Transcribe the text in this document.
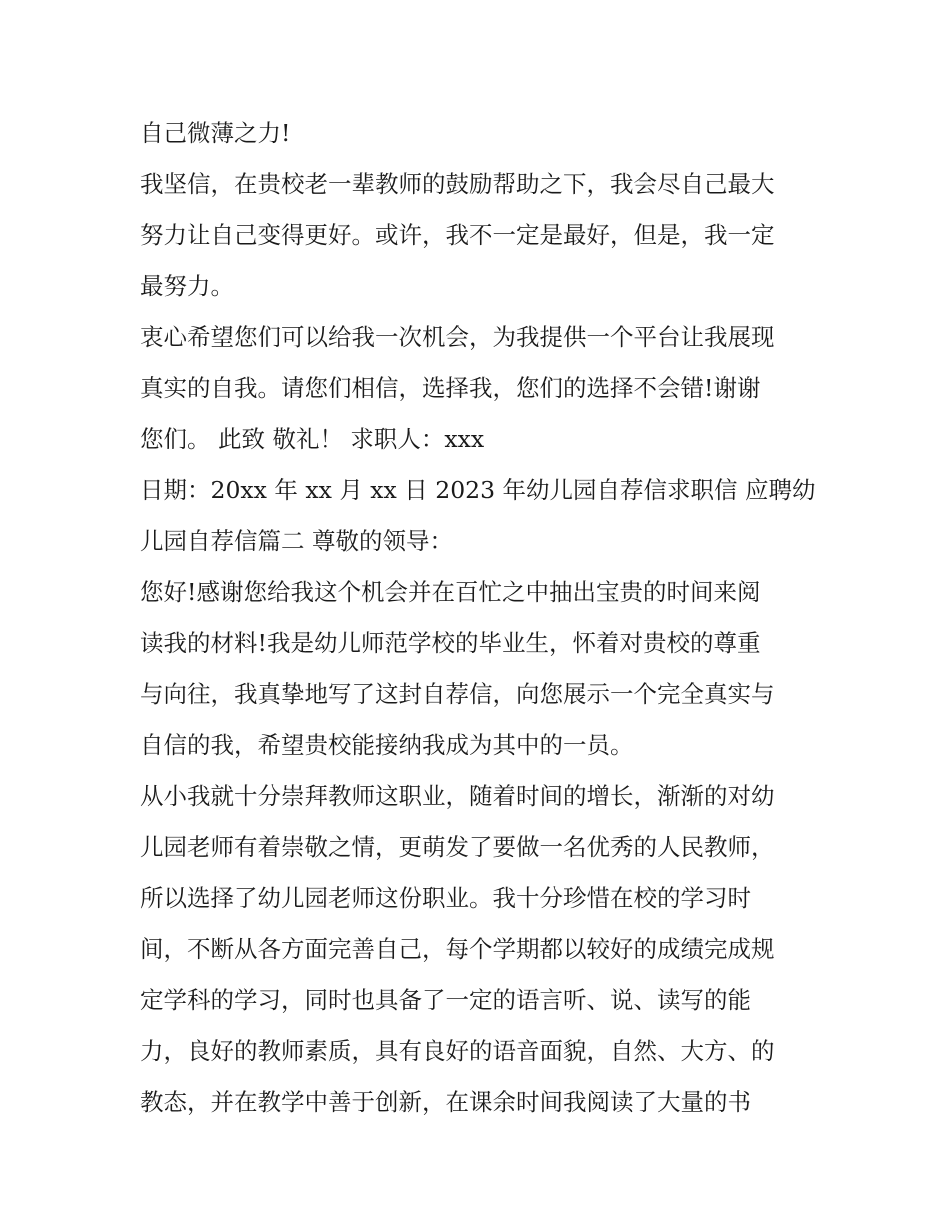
自己微薄之力!
我坚信，在贵校老一辈教师的鼓励帮助之下，我会尽自己最大
努力让自己变得更好。或许，我不一定是最好，但是，我一定
最努力。
衷心希望您们可以给我一次机会，为我提供一个平台让我展现
真实的自我。请您们相信，选择我，您们的选择不会错!谢谢
您们。 此致 敬礼！ 求职人：xxx
日期：20xx 年 xx 月 xx 日 2023 年幼儿园自荐信求职信 应聘幼
儿园自荐信篇二 尊敬的领导：
您好!感谢您给我这个机会并在百忙之中抽出宝贵的时间来阅
读我的材料!我是幼儿师范学校的毕业生，怀着对贵校的尊重
与向往，我真挚地写了这封自荐信，向您展示一个完全真实与
自信的我，希望贵校能接纳我成为其中的一员。
从小我就十分崇拜教师这职业，随着时间的增长，渐渐的对幼
儿园老师有着崇敬之情，更萌发了要做一名优秀的人民教师，
所以选择了幼儿园老师这份职业。我十分珍惜在校的学习时
间，不断从各方面完善自己，每个学期都以较好的成绩完成规
定学科的学习，同时也具备了一定的语言听、说、读写的能
力，良好的教师素质，具有良好的语音面貌，自然、大方、的
教态，并在教学中善于创新，在课余时间我阅读了大量的书
